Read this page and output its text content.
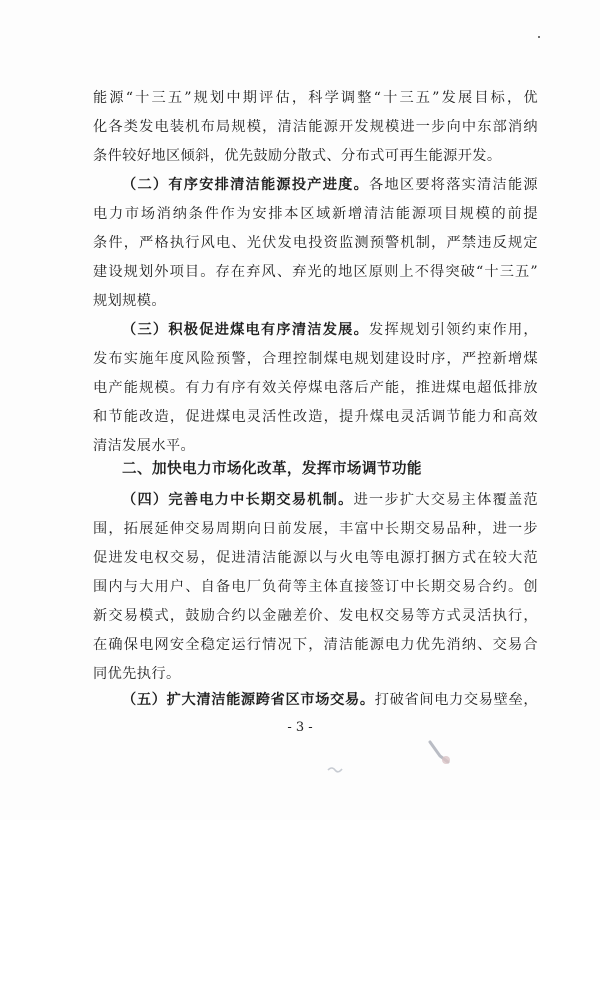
能源“十三五”规划中期评估，科学调整“十三五”发展目标，优
化各类发电装机布局规模，清洁能源开发规模进一步向中东部消纳
条件较好地区倾斜，优先鼓励分散式、分布式可再生能源开发。
（二）有序安排清洁能源投产进度。各地区要将落实清洁能源
电力市场消纳条件作为安排本区域新增清洁能源项目规模的前提
条件，严格执行风电、光伏发电投资监测预警机制，严禁违反规定
建设规划外项目。存在弃风、弃光的地区原则上不得突破“十三五”
规划规模。
（三）积极促进煤电有序清洁发展。发挥规划引领约束作用，
发布实施年度风险预警，合理控制煤电规划建设时序，严控新增煤
电产能规模。有力有序有效关停煤电落后产能，推进煤电超低排放
和节能改造，促进煤电灵活性改造，提升煤电灵活调节能力和高效
清洁发展水平。
二、加快电力市场化改革，发挥市场调节功能
（四）完善电力中长期交易机制。进一步扩大交易主体覆盖范
围，拓展延伸交易周期向日前发展，丰富中长期交易品种，进一步
促进发电权交易，促进清洁能源以与火电等电源打捆方式在较大范
围内与大用户、自备电厂负荷等主体直接签订中长期交易合约。创
新交易模式，鼓励合约以金融差价、发电权交易等方式灵活执行，
在确保电网安全稳定运行情况下，清洁能源电力优先消纳、交易合
同优先执行。
（五）扩大清洁能源跨省区市场交易。打破省间电力交易壁垒，
- 3 -
